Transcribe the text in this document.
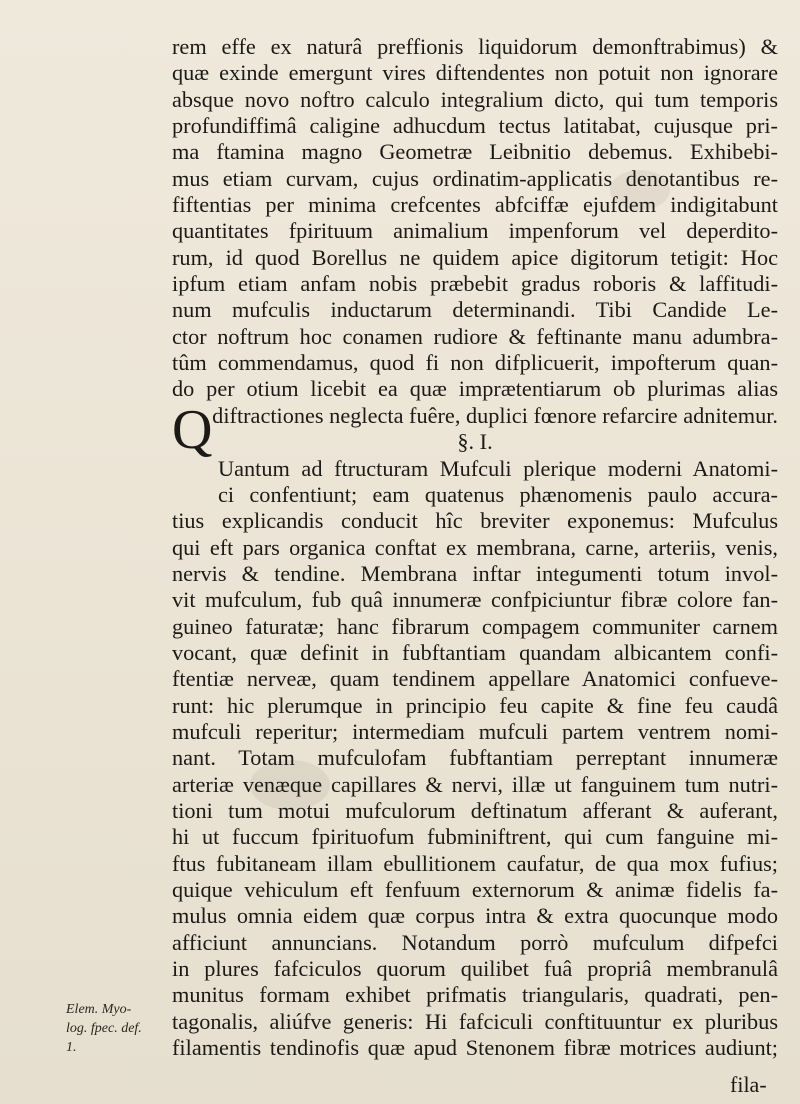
rem effe ex naturâ preffionis liquidorum demonftrabimus) &
quæ exinde emergunt vires diftendentes non potuit non ignorare
absque novo noftro calculo integralium dicto, qui tum temporis
profundiffimâ caligine adhucdum tectus latitabat, cujusque pri-
ma ftamina magno Geometræ Leibnitio debemus. Exhibebi-
mus etiam curvam, cujus ordinatim-applicatis denotantibus re-
fiftentias per minima crefcentes abfciffæ ejufdem indigitabunt
quantitates fpirituum animalium impenforum vel deperdito-
rum, id quod Borellus ne quidem apice digitorum tetigit: Hoc
ipfum etiam anfam nobis præbebit gradus roboris & laffitudi-
num mufculis inductarum determinandi. Tibi Candide Le-
ctor noftrum hoc conamen rudiore & feftinante manu adumbra-
tûm commendamus, quod fi non difplicuerit, impofterum quan-
do per otium licebit ea quæ imprætentiarum ob plurimas alias
diftractiones neglecta fuêre, duplici fœnore refarcire adnitemur.
§. I.
Uantum ad ftructuram Mufculi plerique moderni Anatomi-
ci confentiunt; eam quatenus phænomenis paulo accura-
tius explicandis conducit hîc breviter exponemus: Mufculus
qui eft pars organica conftat ex membrana, carne, arteriis, venis,
nervis & tendine. Membrana inftar integumenti totum invol-
vit mufculum, fub quâ innumeræ confpiciuntur fibræ colore fan-
guineo faturatæ; hanc fibrarum compagem communiter carnem
vocant, quæ definit in fubftantiam quandam albicantem confi-
ftentiæ nerveæ, quam tendinem appellare Anatomici confueve-
runt: hic plerumque in principio feu capite & fine feu caudâ
mufculi reperitur; intermediam mufculi partem ventrem nomi-
nant. Totam mufculofam fubftantiam perreptant innumeræ
arteriæ venæque capillares & nervi, illæ ut fanguinem tum nutri-
tioni tum motui mufculorum deftinatum afferant & auferant,
hi ut fuccum fpirituofum fubminiftrent, qui cum fanguine mi-
ftus fubitaneam illam ebullitionem caufatur, de qua mox fufius;
quique vehiculum eft fenfuum externorum & animæ fidelis fa-
mulus omnia eidem quæ corpus intra & extra quocunque modo
afficiunt annuncians. Notandum porrò mufculum difpefci
in plures fafciculos quorum quilibet fuâ propriâ membranulâ
munitus formam exhibet prifmatis triangularis, quadrati, pen-
tagonalis, aliúfve generis: Hi fafciculi conftituuntur ex pluribus
filamentis tendinofis quæ apud Stenonem fibræ motrices audiunt;
Q
Elem. Myo-
log. fpec. def.
1.
fila-
